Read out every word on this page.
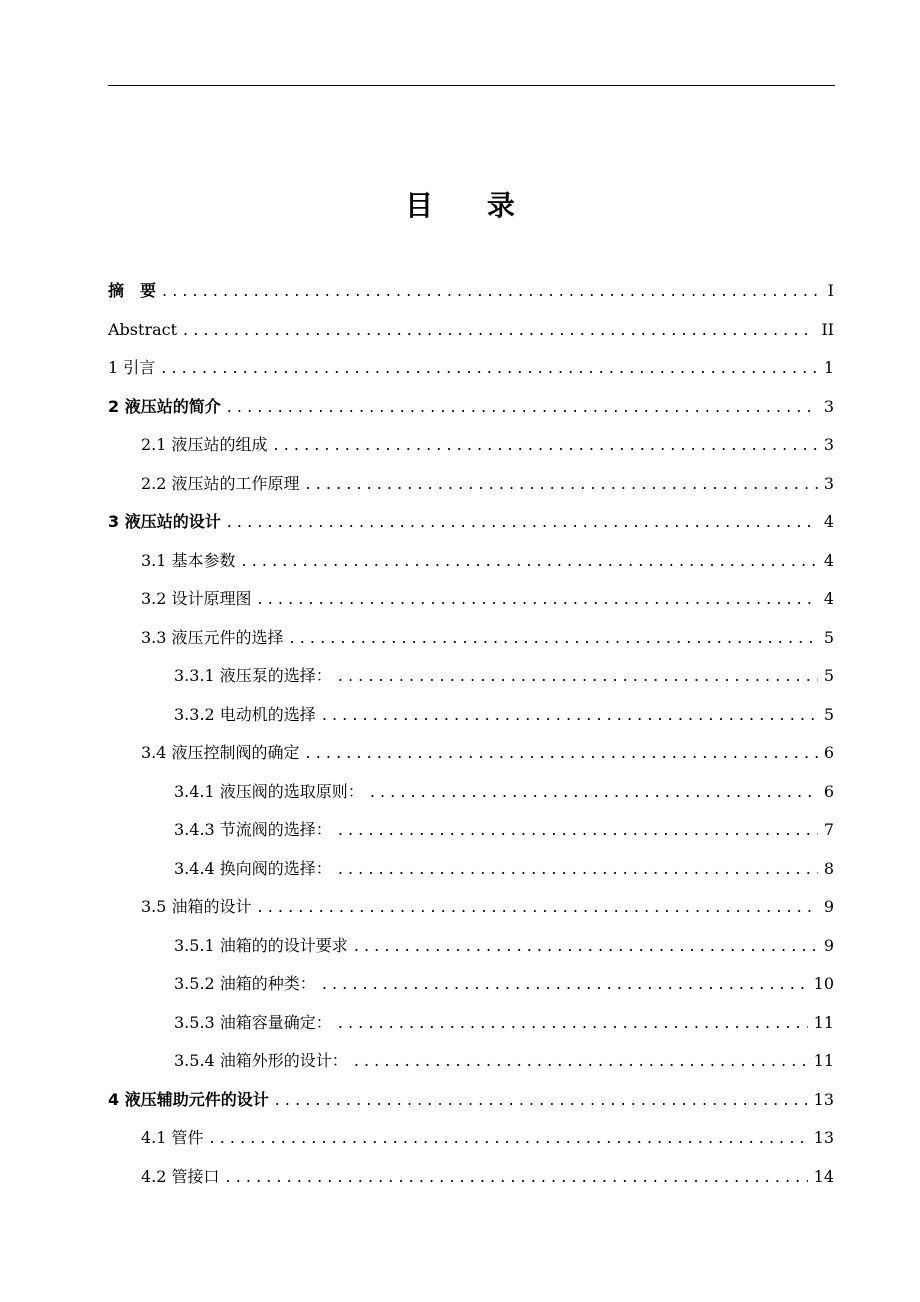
目 录
摘　要 . . .	I
Abstract . . .	II
1 引言 . . .	1
2 液压站的简介 . . .	3
2.1 液压站的组成 . . .	3
2.2 液压站的工作原理 . . .	3
3 液压站的设计 . . .	4
3.1 基本参数 . . .	4
3.2 设计原理图 . . .	4
3.3 液压元件的选择 . . .	5
3.3.1 液压泵的选择： . . .	5
3.3.2 电动机的选择 . . .	5
3.4 液压控制阀的确定 . . .	6
3.4.1 液压阀的选取原则： . . .	6
3.4.3 节流阀的选择： . . .	7
3.4.4 换向阀的选择： . . .	8
3.5 油箱的设计 . . .	9
3.5.1 油箱的的设计要求 . . .	9
3.5.2 油箱的种类： . . .	10
3.5.3 油箱容量确定： . . .	11
3.5.4 油箱外形的设计： . . .	11
4 液压辅助元件的设计 . . .	13
4.1 管件 . . .	13
4.2 管接口 . . .	14
